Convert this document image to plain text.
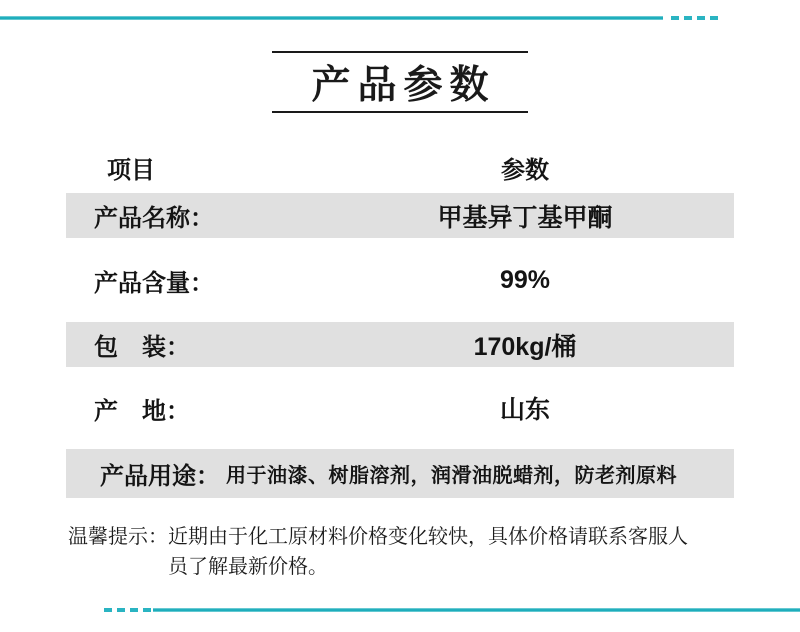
产品参数
项目	参数
产品名称：	甲基异丁基甲酮
产品含量：	99%
包　装：	170kg/桶
产　地：	山东
产品用途： 用于油漆、树脂溶剂，润滑油脱蜡剂，防老剂原料
温馨提示： 近期由于化工原材料价格变化较快，具体价格请联系客服人员了解最新价格。
